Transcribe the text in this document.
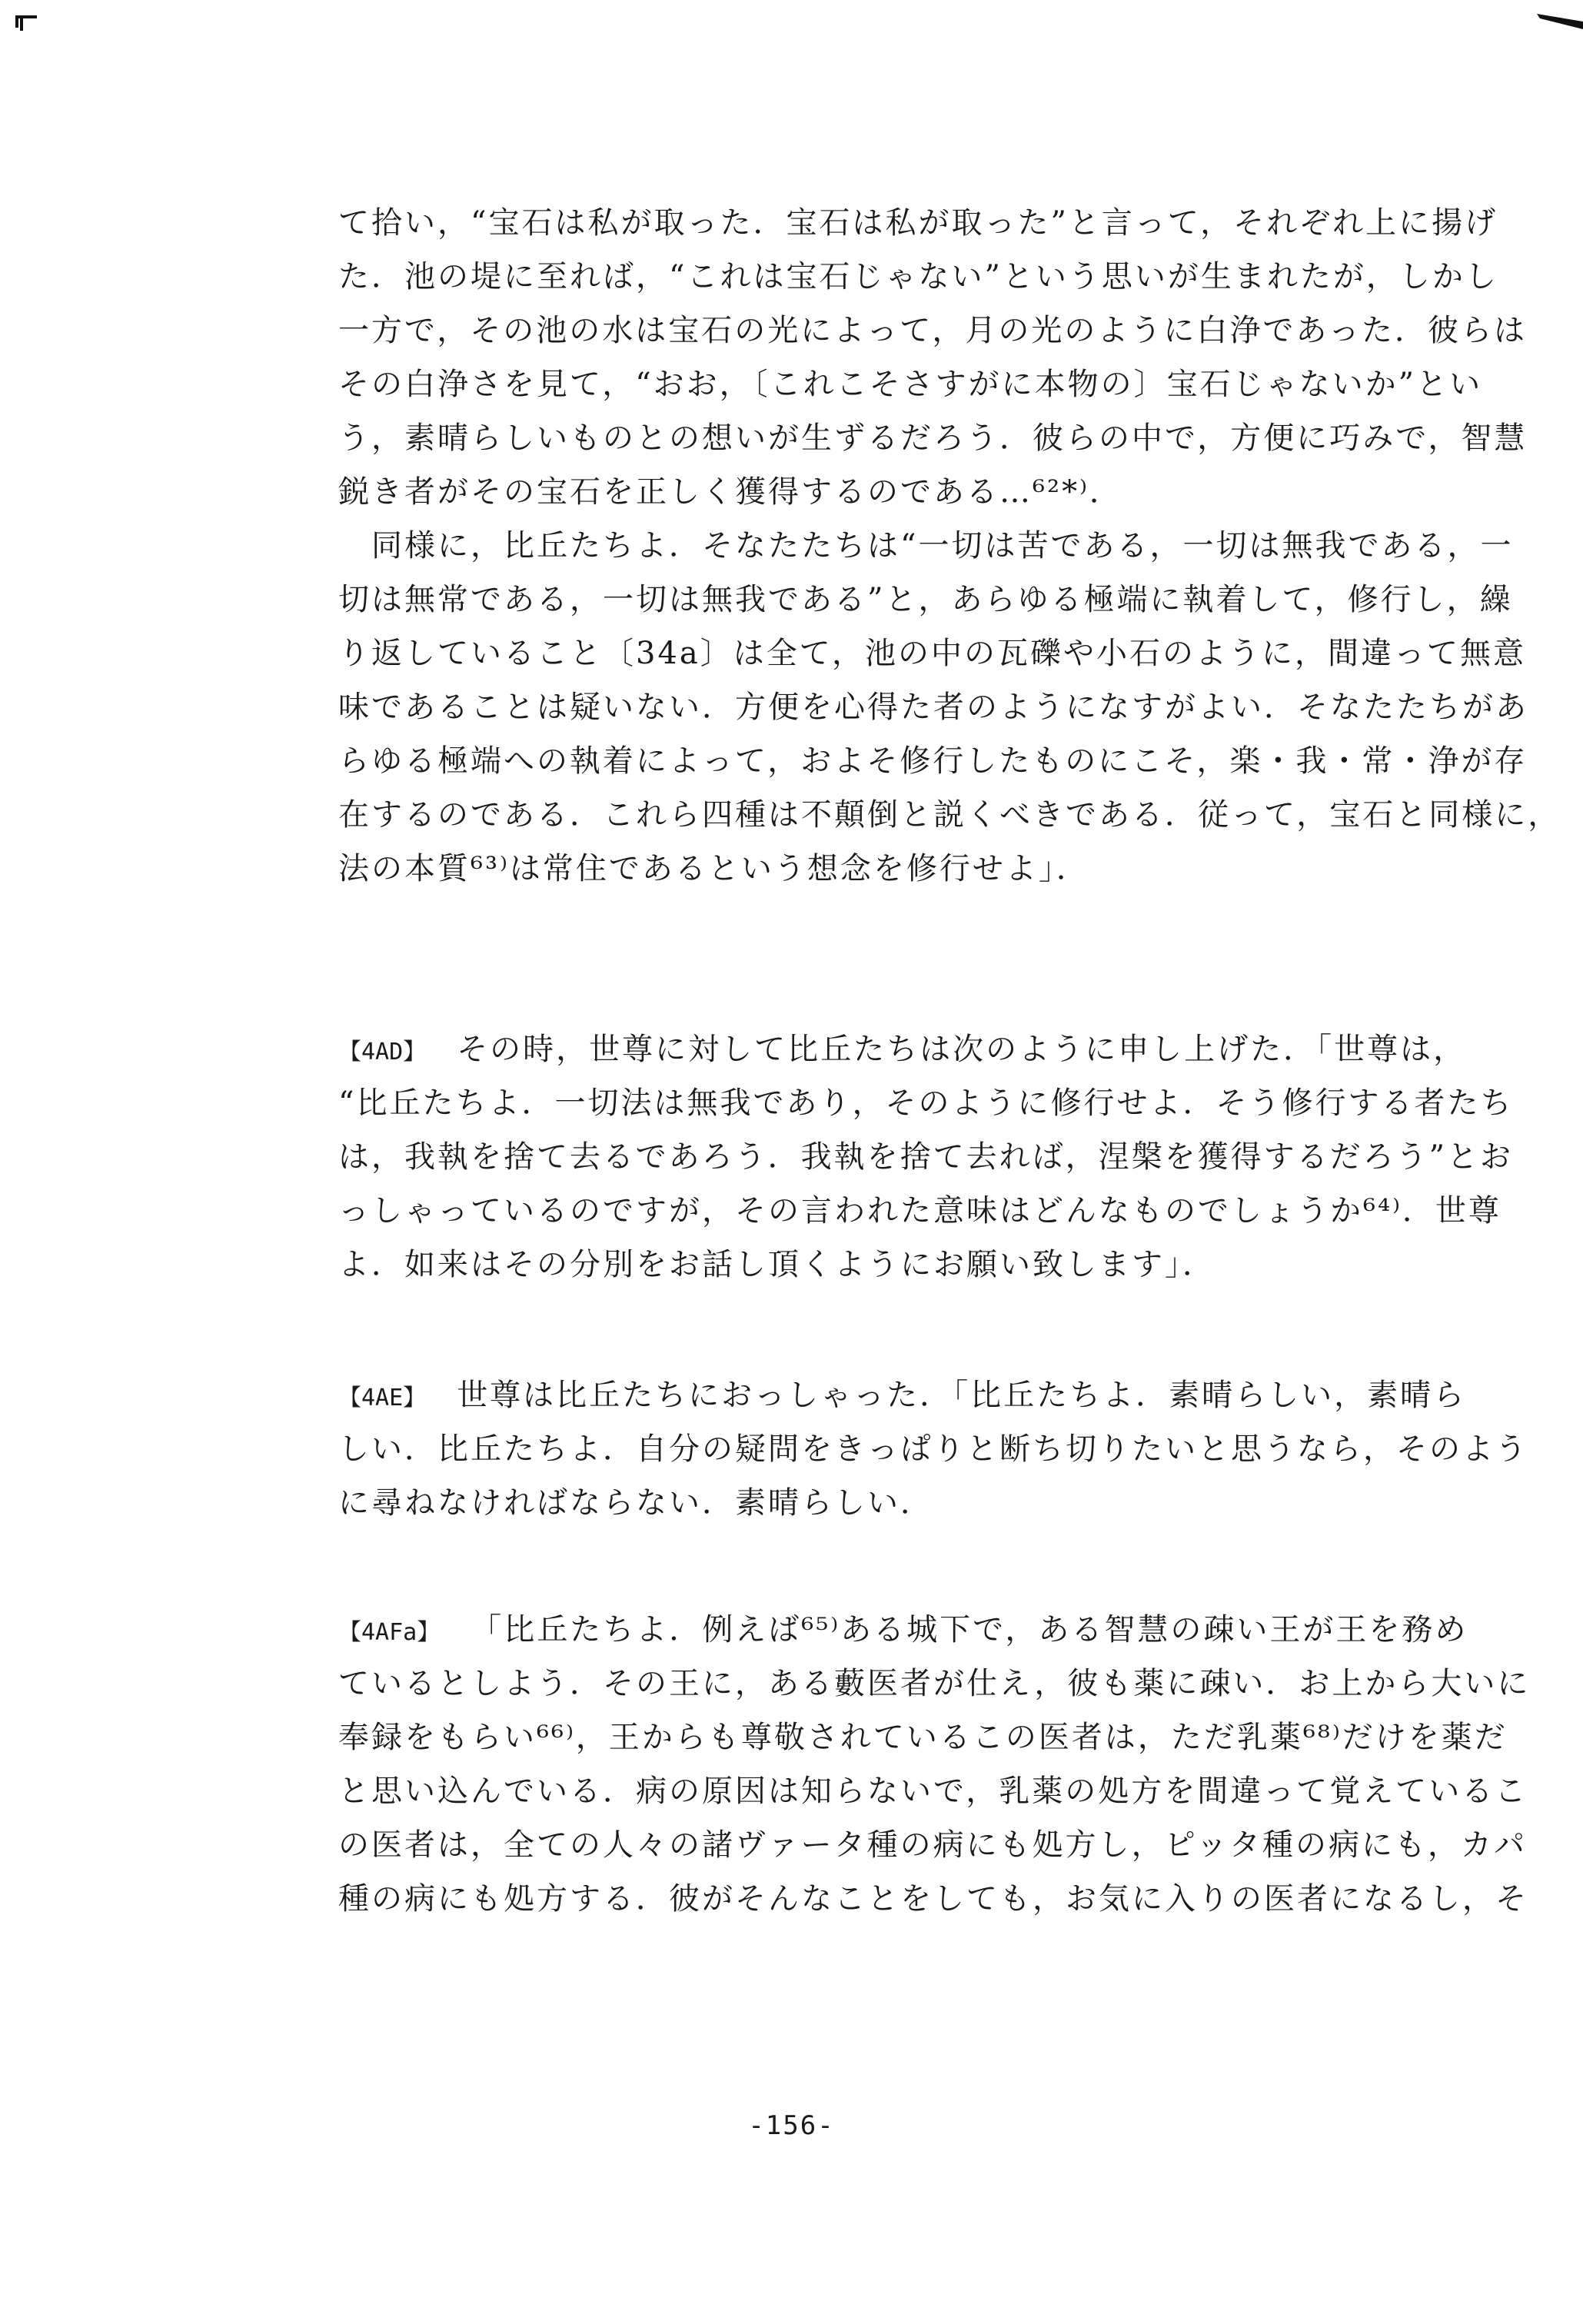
て拾い，“宝石は私が取った．宝石は私が取った”と言って，それぞれ上に揚げ
た．池の堤に至れば，“これは宝石じゃない”という思いが生まれたが，しかし
一方で，その池の水は宝石の光によって，月の光のように白浄であった．彼らは
その白浄さを見て，“おお，〔これこそさすがに本物の〕宝石じゃないか”とい
う，素晴らしいものとの想いが生ずるだろう．彼らの中で，方便に巧みで，智慧
鋭き者がその宝石を正しく獲得するのである…⁶²*⁾．
　同様に，比丘たちよ．そなたたちは“一切は苦である，一切は無我である，一
切は無常である，一切は無我である”と，あらゆる極端に執着して，修行し，繰
り返していること〔34a〕は全て，池の中の瓦礫や小石のように，間違って無意
味であることは疑いない．方便を心得た者のようになすがよい．そなたたちがあ
らゆる極端への執着によって，およそ修行したものにこそ，楽・我・常・浄が存
在するのである．これら四種は不顛倒と説くべきである．従って，宝石と同様に，
法の本質⁶³⁾は常住であるという想念を修行せよ」．
【4AD】 その時，世尊に対して比丘たちは次のように申し上げた．「世尊は，
“比丘たちよ．一切法は無我であり，そのように修行せよ．そう修行する者たち
は，我執を捨て去るであろう．我執を捨て去れば，涅槃を獲得するだろう”とお
っしゃっているのですが，その言われた意味はどんなものでしょうか⁶⁴⁾．世尊
よ．如来はその分別をお話し頂くようにお願い致します」．
【4AE】 世尊は比丘たちにおっしゃった．「比丘たちよ．素晴らしい，素晴ら
しい．比丘たちよ．自分の疑問をきっぱりと断ち切りたいと思うなら，そのよう
に尋ねなければならない．素晴らしい．
【4AFa】 「比丘たちよ．例えば⁶⁵⁾ある城下で，ある智慧の疎い王が王を務め
ているとしよう．その王に，ある藪医者が仕え，彼も薬に疎い．お上から大いに
奉録をもらい⁶⁶⁾，王からも尊敬されているこの医者は，ただ乳薬⁶⁸⁾だけを薬だ
と思い込んでいる．病の原因は知らないで，乳薬の処方を間違って覚えているこ
の医者は，全ての人々の諸ヴァータ種の病にも処方し，ピッタ種の病にも，カパ
種の病にも処方する．彼がそんなことをしても，お気に入りの医者になるし，そ
-156-
